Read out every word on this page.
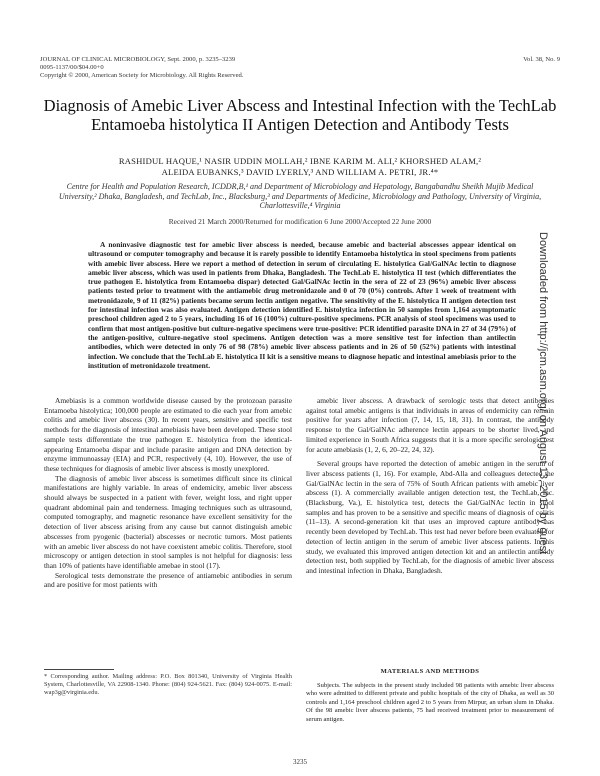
JOURNAL OF CLINICAL MICROBIOLOGY, Sept. 2000, p. 3235–3239
0095-1137/00/$04.00+0
Copyright © 2000, American Society for Microbiology. All Rights Reserved.
Vol. 38, No. 9
Diagnosis of Amebic Liver Abscess and Intestinal Infection with the TechLab Entamoeba histolytica II Antigen Detection and Antibody Tests
RASHIDUL HAQUE,¹ NASIR UDDIN MOLLAH,² IBNE KARIM M. ALI,² KHORSHED ALAM,²
ALEIDA EUBANKS,³ DAVID LYERLY,³ AND WILLIAM A. PETRI, JR.⁴*
Centre for Health and Population Research, ICDDR,B,¹ and Department of Microbiology and Hepatology, Bangabandhu Sheikh Mujib Medical University,² Dhaka, Bangladesh, and TechLab, Inc., Blacksburg,³ and Departments of Medicine, Microbiology and Pathology, University of Virginia, Charlottesville,⁴ Virginia
Received 21 March 2000/Returned for modification 6 June 2000/Accepted 22 June 2000
A noninvasive diagnostic test for amebic liver abscess is needed, because amebic and bacterial abscesses appear identical on ultrasound or computer tomography and because it is rarely possible to identify Entamoeba histolytica in stool specimens from patients with amebic liver abscess. Here we report a method of detection in serum of circulating E. histolytica Gal/GalNAc lectin to diagnose amebic liver abscess, which was used in patients from Dhaka, Bangladesh. The TechLab E. histolytica II test (which differentiates the true pathogen E. histolytica from Entamoeba dispar) detected Gal/GalNAc lectin in the sera of 22 of 23 (96%) amebic liver abscess patients tested prior to treatment with the antiamebic drug metronidazole and 0 of 70 (0%) controls. After 1 week of treatment with metronidazole, 9 of 11 (82%) patients became serum lectin antigen negative. The sensitivity of the E. histolytica II antigen detection test for intestinal infection was also evaluated. Antigen detection identified E. histolytica infection in 50 samples from 1,164 asymptomatic preschool children aged 2 to 5 years, including 16 of 16 (100%) culture-positive specimens. PCR analysis of stool specimens was used to confirm that most antigen-positive but culture-negative specimens were true-positive: PCR identified parasite DNA in 27 of 34 (79%) of the antigen-positive, culture-negative stool specimens. Antigen detection was a more sensitive test for infection than antilectin antibodies, which were detected in only 76 of 98 (78%) amebic liver abscess patients and in 26 of 50 (52%) patients with intestinal infection. We conclude that the TechLab E. histolytica II kit is a sensitive means to diagnose hepatic and intestinal amebiasis prior to the institution of metronidazole treatment.

Amebiasis is a common worldwide disease caused by the protozoan parasite Entamoeba histolytica; 100,000 people are estimated to die each year from amebic colitis and amebic liver abscess (30). In recent years, sensitive and specific test methods for the diagnosis of intestinal amebiasis have been developed. These stool sample tests differentiate the true pathogen E. histolytica from the identical-appearing Entamoeba dispar and include parasite antigen and DNA detection by enzyme immunoassay (EIA) and PCR, respectively (4, 10). However, the use of these techniques for diagnosis of amebic liver abscess is mostly unexplored.

The diagnosis of amebic liver abscess is sometimes difficult since its clinical manifestations are highly variable. In areas of endemicity, amebic liver abscess should always be suspected in a patient with fever, weight loss, and right upper quadrant abdominal pain and tenderness. Imaging techniques such as ultrasound, computed tomography, and magnetic resonance have excellent sensitivity for the detection of liver abscess arising from any cause but cannot distinguish amebic abscesses from pyogenic (bacterial) abscesses or necrotic tumors. Most patients with an amebic liver abscess do not have coexistent amebic colitis. Therefore, stool microscopy or antigen detection in stool samples is not helpful for diagnosis: less than 10% of patients have identifiable amebae in stool (17).

Serological tests demonstrate the presence of antiamebic antibodies in serum and are positive for most patients with

* Corresponding author. Mailing address: P.O. Box 801340, University of Virginia Health System, Charlottesville, VA 22908-1340. Phone: (804) 924-5621. Fax: (804) 924-0075. E-mail: wap3g@virginia.edu.

amebic liver abscess. A drawback of serologic tests that detect antibodies against total amebic antigens is that individuals in areas of endemicity can remain positive for years after infection (7, 14, 15, 18, 31). In contrast, the antibody response to the Gal/GalNAc adherence lectin appears to be shorter lived, and limited experience in South Africa suggests that it is a more specific serologic test for acute amebiasis (1, 2, 6, 20–22, 24, 32).

Several groups have reported the detection of amebic antigen in the serum of liver abscess patients (1, 16). For example, Abd-Alla and colleagues detected the Gal/GalNAc lectin in the sera of 75% of South African patients with amebic liver abscess (1). A commercially available antigen detection test, the TechLab, Inc. (Blacksburg, Va.), E. histolytica test, detects the Gal/GalNAc lectin in stool samples and has proven to be a sensitive and specific means of diagnosis of colitis (11–13). A second-generation kit that uses an improved capture antibody has recently been developed by TechLab. This test had never before been evaluated for detection of lectin antigen in the serum of amebic liver abscess patients. In this study, we evaluated this improved antigen detection kit and an antilectin antibody detection test, both supplied by TechLab, for the diagnosis of amebic liver abscess and intestinal infection in Dhaka, Bangladesh.

MATERIALS AND METHODS
Subjects. The subjects in the present study included 98 patients with amebic liver abscess who were admitted to different private and public hospitals of the city of Dhaka, as well as 30 controls and 1,164 preschool children aged 2 to 5 years from Mirpur, an urban slum in Dhaka. Of the 98 amebic liver abscess patients, 75 had received treatment prior to measurement of serum antigen.
3235
Downloaded from http://jcm.asm.org/ on August 13, 2015 by guest
